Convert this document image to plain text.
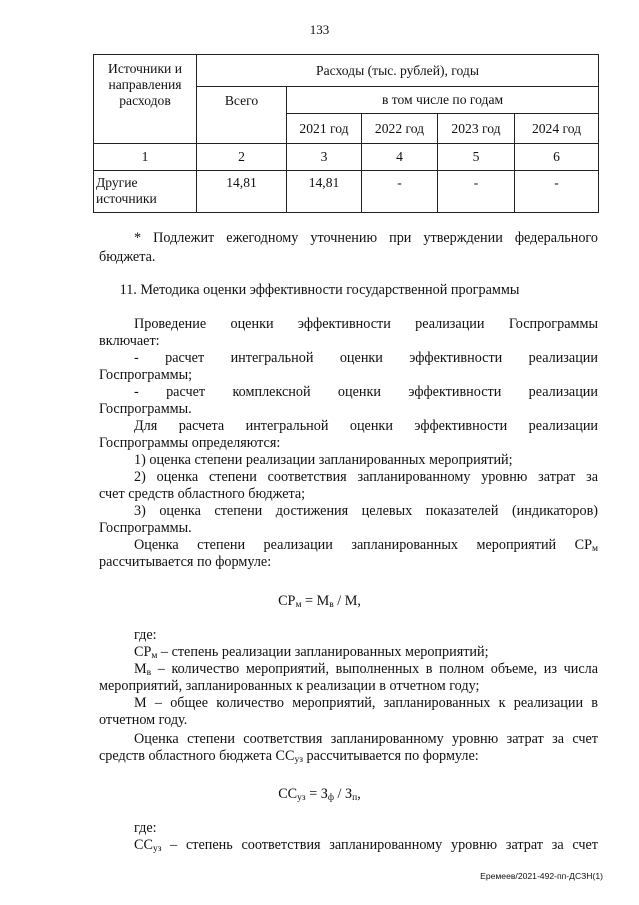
133
Источники и направления расходов	Расходы (тыс. рублей), годы				
	Всего	в том числе по годам			
		2021 год	2022 год	2023 год	2024 год
1	2	3	4	5	6
Другие источники	14,81	14,81	-	-	-
* Подлежит ежегодному уточнению при утверждении федерального
бюджета.
11. Методика оценки эффективности государственной программы
Проведение оценки эффективности реализации Госпрограммы
включает:
- расчет интегральной оценки эффективности реализации
Госпрограммы;
- расчет комплексной оценки эффективности реализации
Госпрограммы.
Для расчета интегральной оценки эффективности реализации
Госпрограммы определяются:
1) оценка степени реализации запланированных мероприятий;
2) оценка степени соответствия запланированному уровню затрат за
счет средств областного бюджета;
3) оценка степени достижения целевых показателей (индикаторов)
Госпрограммы.
Оценка степени реализации запланированных мероприятий $СР_м$
рассчитывается по формуле:
$СР_м = М_в / М$,
где:
$СР_м$ – степень реализации запланированных мероприятий;
$М_в$ – количество мероприятий, выполненных в полном объеме, из числа
мероприятий, запланированных к реализации в отчетном году;
М – общее количество мероприятий, запланированных к реализации в
отчетном году.
Оценка степени соответствия запланированному уровню затрат за счет
средств областного бюджета $СС_{уз}$ рассчитывается по формуле:
$СС_{уз} = З_ф / З_п$,
где:
$СС_{уз}$ – степень соответствия запланированному уровню затрат за счет
Еремеев/2021-492-пп-ДСЗН(1)
